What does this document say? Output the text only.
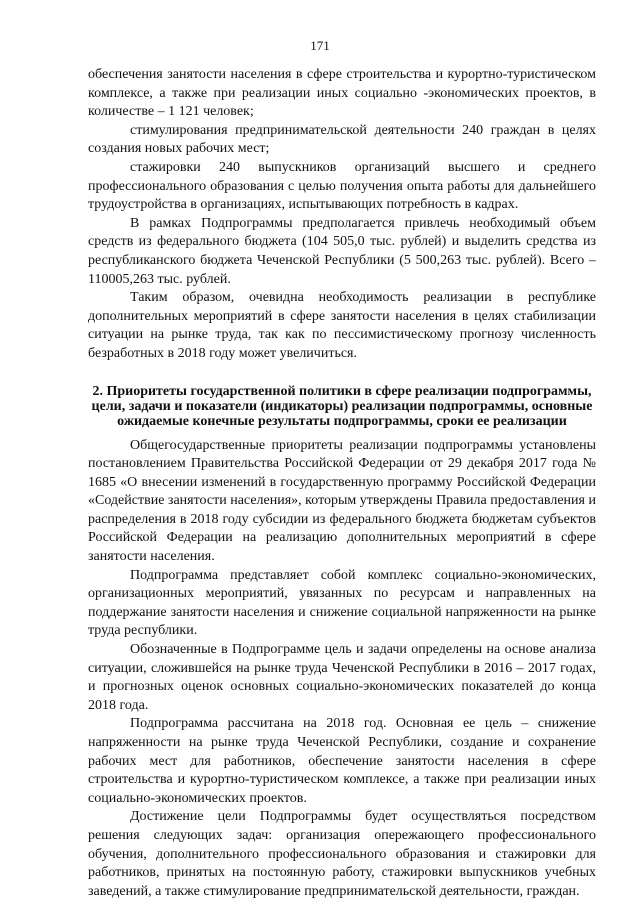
171

обеспечения занятости населения в сфере строительства и курортно-туристическом комплексе, а также при реализации иных социально -экономических проектов, в количестве – 1 121 человек;

стимулирования предпринимательской деятельности 240 граждан в целях создания новых рабочих мест;

стажировки 240 выпускников организаций высшего и среднего профессионального образования с целью получения опыта работы для дальнейшего трудоустройства в организациях, испытывающих потребность в кадрах.

В рамках Подпрограммы предполагается привлечь необходимый объем средств из федерального бюджета (104 505,0 тыс. рублей) и выделить средства из республиканского бюджета Чеченской Республики (5 500,263 тыс. рублей). Всего – 110005,263 тыс. рублей.

Таким образом, очевидна необходимость реализации в республике дополнительных мероприятий в сфере занятости населения в целях стабилизации ситуации на рынке труда, так как по пессимистическому прогнозу численность безработных в 2018 году может увеличиться.

2. Приоритеты государственной политики в сфере реализации подпрограммы, цели, задачи и показатели (индикаторы) реализации подпрограммы, основные ожидаемые конечные результаты подпрограммы, сроки ее реализации

Общегосударственные приоритеты реализации подпрограммы установлены постановлением Правительства Российской Федерации от 29 декабря 2017 года № 1685 «О внесении изменений в государственную программу Российской Федерации «Содействие занятости населения», которым утверждены Правила предоставления и распределения в 2018 году субсидии из федерального бюджета бюджетам субъектов Российской Федерации на реализацию дополнительных мероприятий в сфере занятости населения.

Подпрограмма представляет собой комплекс социально-экономических, организационных мероприятий, увязанных по ресурсам и направленных на поддержание занятости населения и снижение социальной напряженности на рынке труда республики.

Обозначенные в Подпрограмме цель и задачи определены на основе анализа ситуации, сложившейся на рынке труда Чеченской Республики в 2016 – 2017 годах, и прогнозных оценок основных социально-экономических показателей до конца 2018 года.

Подпрограмма рассчитана на 2018 год. Основная ее цель – снижение напряженности на рынке труда Чеченской Республики, создание и сохранение рабочих мест для работников, обеспечение занятости населения в сфере строительства и курортно-туристическом комплексе, а также при реализации иных социально-экономических проектов.

Достижение цели Подпрограммы будет осуществляться посредством решения следующих задач: организация опережающего профессионального обучения, дополнительного профессионального образования и стажировки для работников, принятых на постоянную работу, стажировки выпускников учебных заведений, а также стимулирование предпринимательской деятельности, граждан.
